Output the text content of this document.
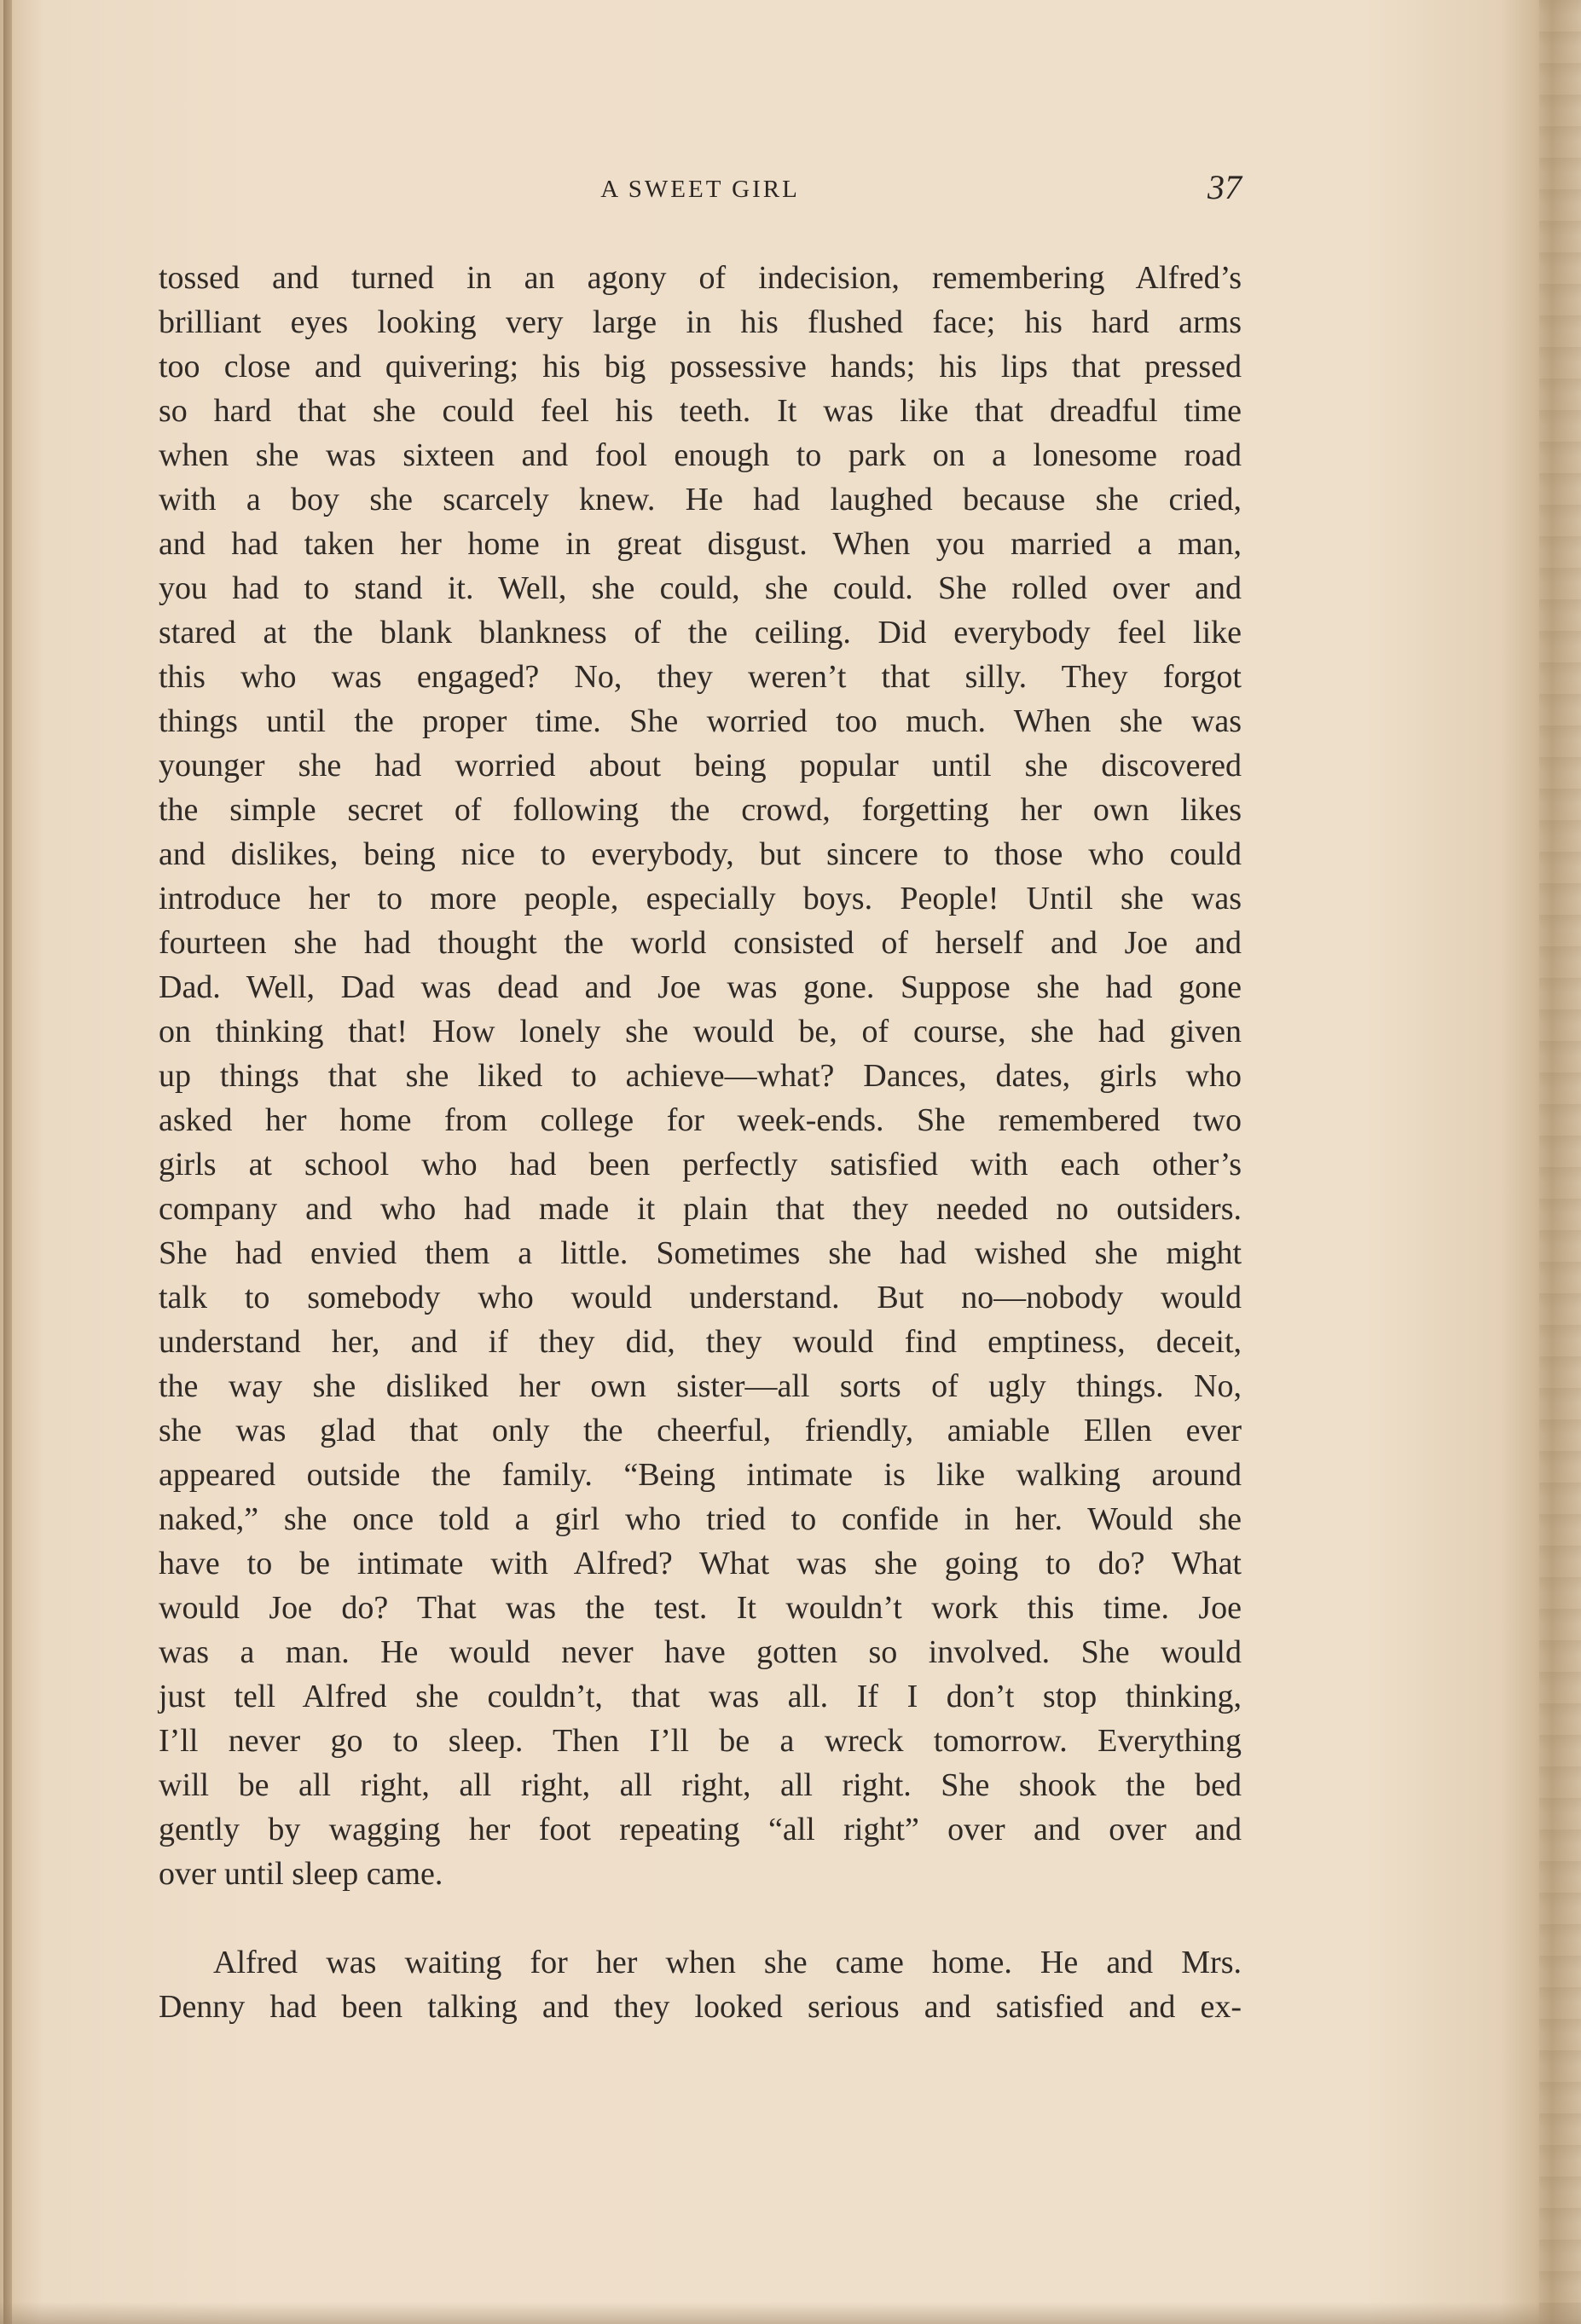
A SWEET GIRL	37
tossed and turned in an agony of indecision, remembering Alfred’s
brilliant eyes looking very large in his flushed face; his hard arms
too close and quivering; his big possessive hands; his lips that pressed
so hard that she could feel his teeth. It was like that dreadful time
when she was sixteen and fool enough to park on a lonesome road
with a boy she scarcely knew. He had laughed because she cried,
and had taken her home in great disgust. When you married a man,
you had to stand it. Well, she could, she could. She rolled over and
stared at the blank blankness of the ceiling. Did everybody feel like
this who was engaged? No, they weren’t that silly. They forgot
things until the proper time. She worried too much. When she was
younger she had worried about being popular until she discovered
the simple secret of following the crowd, forgetting her own likes
and dislikes, being nice to everybody, but sincere to those who could
introduce her to more people, especially boys. People! Until she was
fourteen she had thought the world consisted of herself and Joe and
Dad. Well, Dad was dead and Joe was gone. Suppose she had gone
on thinking that! How lonely she would be, of course, she had given
up things that she liked to achieve—what? Dances, dates, girls who
asked her home from college for week-ends. She remembered two
girls at school who had been perfectly satisfied with each other’s
company and who had made it plain that they needed no outsiders.
She had envied them a little. Sometimes she had wished she might
talk to somebody who would understand. But no—nobody would
understand her, and if they did, they would find emptiness, deceit,
the way she disliked her own sister—all sorts of ugly things. No,
she was glad that only the cheerful, friendly, amiable Ellen ever
appeared outside the family. “Being intimate is like walking around
naked,” she once told a girl who tried to confide in her. Would she
have to be intimate with Alfred? What was she going to do? What
would Joe do? That was the test. It wouldn’t work this time. Joe
was a man. He would never have gotten so involved. She would
just tell Alfred she couldn’t, that was all. If I don’t stop thinking,
I’ll never go to sleep. Then I’ll be a wreck tomorrow. Everything
will be all right, all right, all right, all right. She shook the bed
gently by wagging her foot repeating “all right” over and over and
over until sleep came.
Alfred was waiting for her when she came home. He and Mrs.
Denny had been talking and they looked serious and satisfied and ex-
